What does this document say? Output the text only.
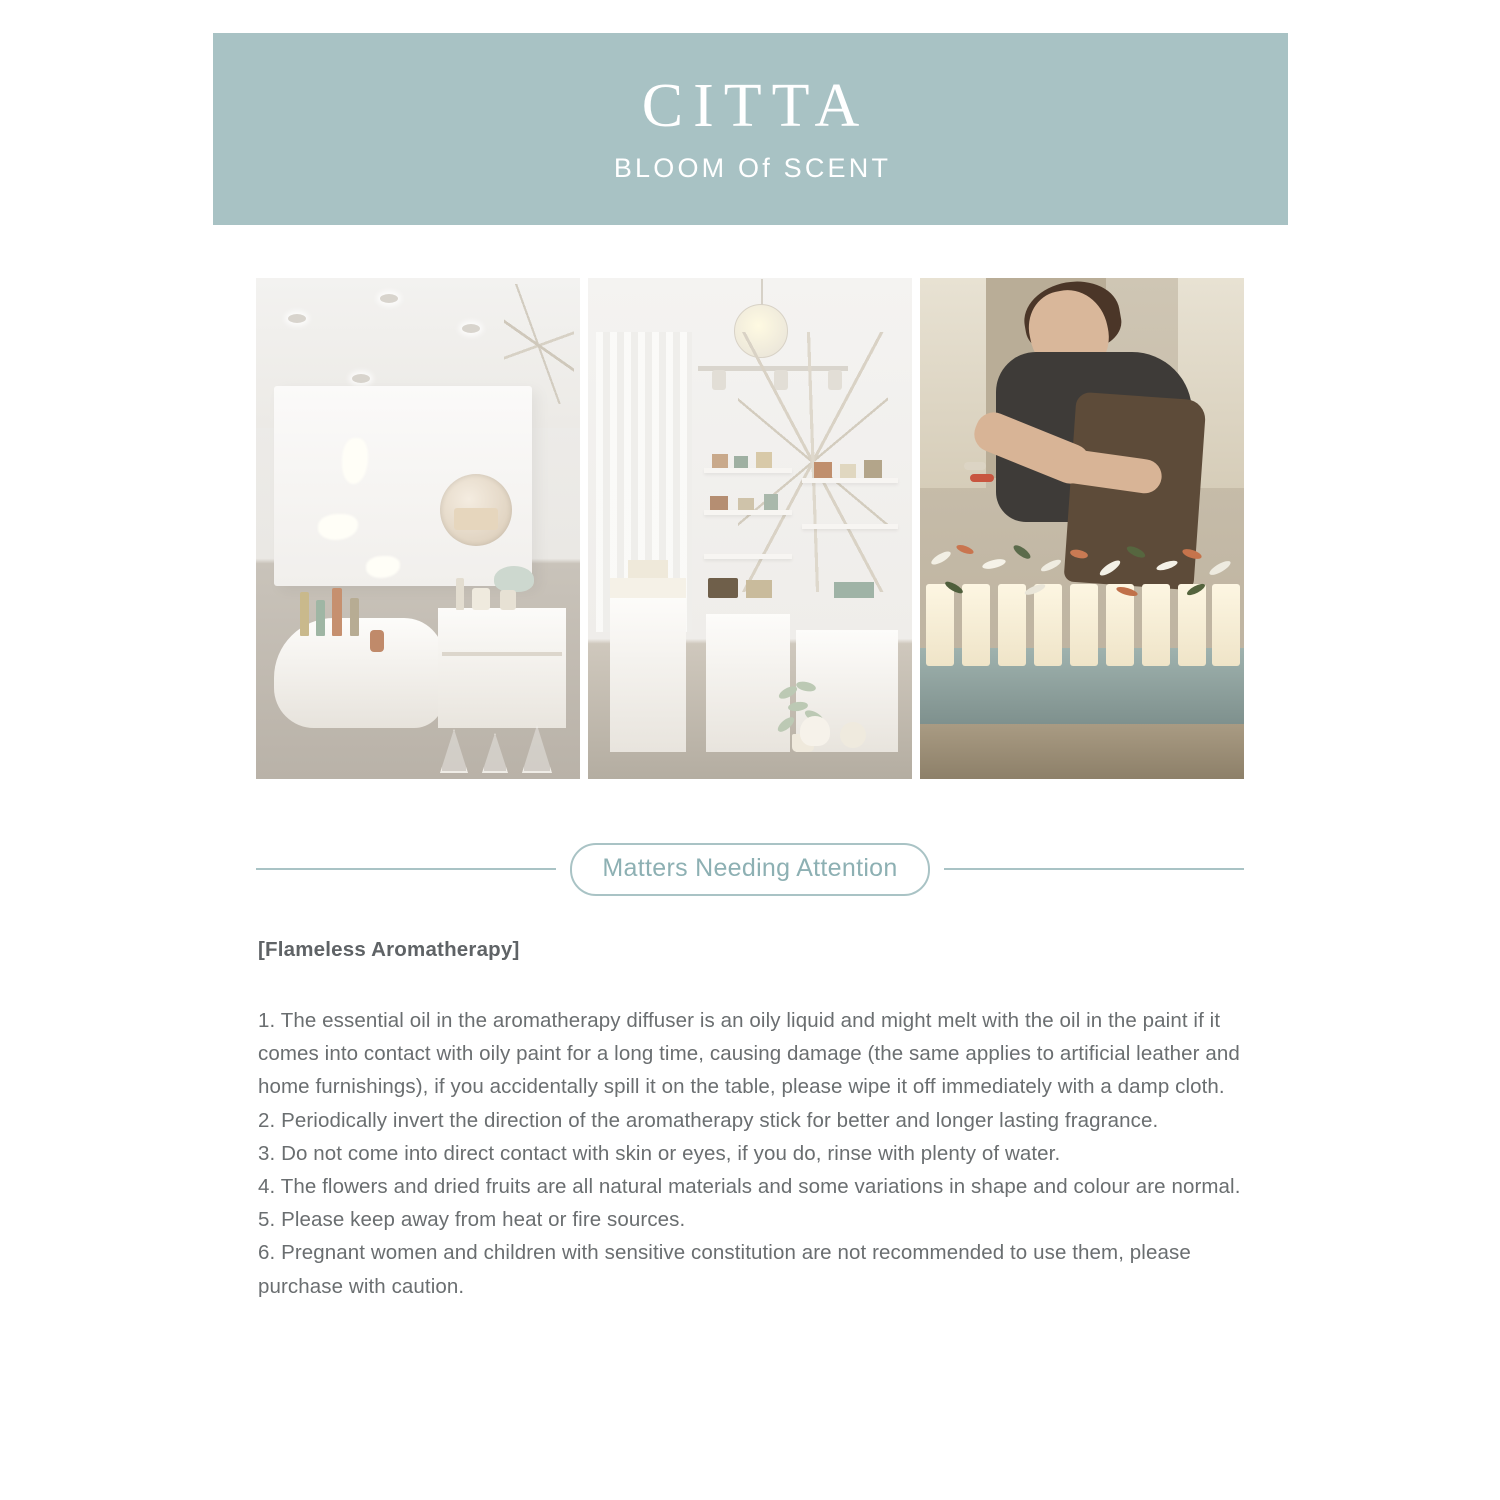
CITTA
BLOOM Of SCENT
Matters Needing Attention
[Flameless Aromatherapy]

1. The essential oil in the aromatherapy diffuser is an oily liquid and might melt with the oil in the paint if it comes into contact with oily paint for a long time, causing damage (the same applies to artificial leather and home furnishings), if you accidentally spill it on the table, please wipe it off immediately with a damp cloth.

2. Periodically invert the direction of the aromatherapy stick for better and longer lasting fragrance.

3. Do not come into direct contact with skin or eyes, if you do, rinse with plenty of water.

4. The flowers and dried fruits are all natural materials and some variations in shape and colour are normal.

5. Please keep away from heat or fire sources.

6. Pregnant women and children with sensitive constitution are not recommended to use them, please purchase with caution.
